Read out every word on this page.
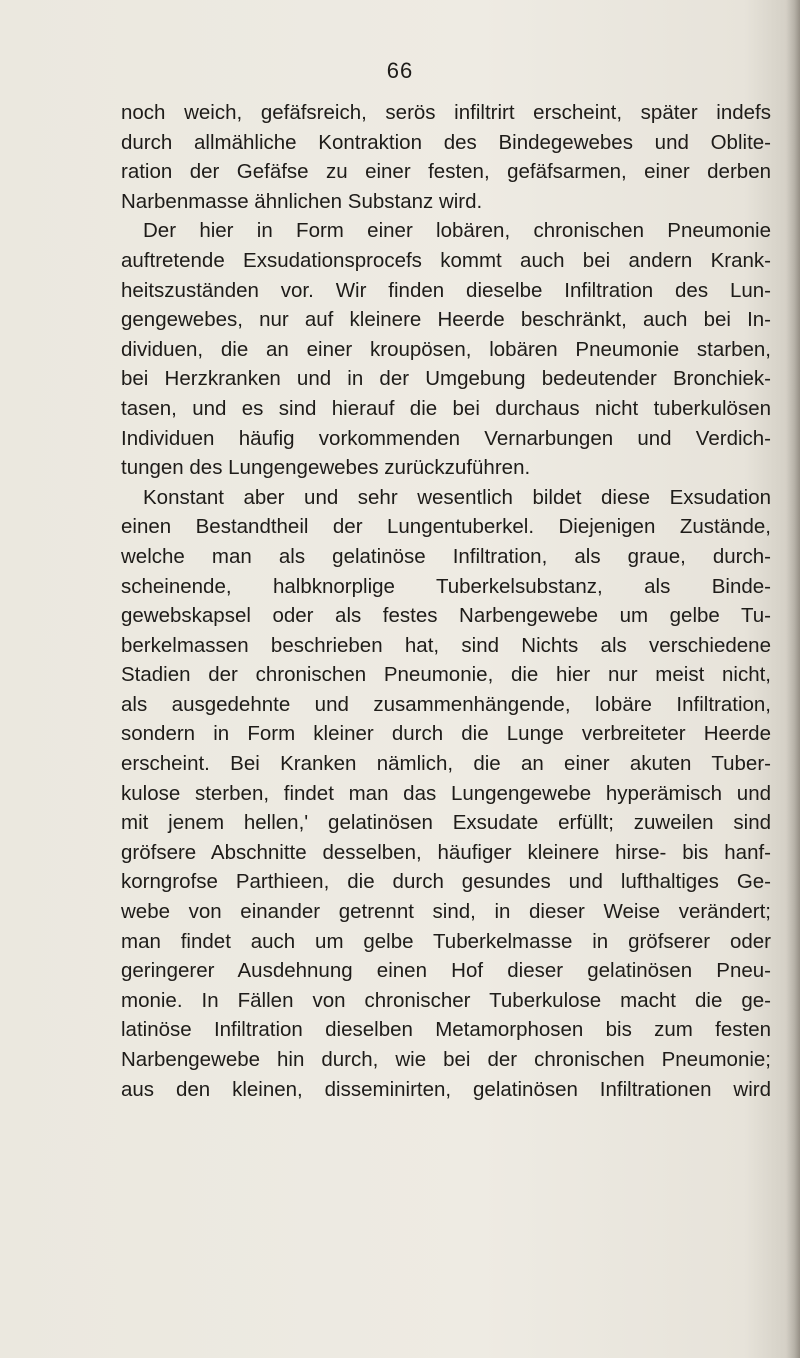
66
noch weich, gefäfsreich, serös infiltrirt erscheint, später indefs
durch allmähliche Kontraktion des Bindegewebes und Oblite-
ration der Gefäfse zu einer festen, gefäfsarmen, einer derben
Narbenmasse ähnlichen Substanz wird.
Der hier in Form einer lobären, chronischen Pneumonie
auftretende Exsudationsprocefs kommt auch bei andern Krank-
heitszuständen vor. Wir finden dieselbe Infiltration des Lun-
gengewebes, nur auf kleinere Heerde beschränkt, auch bei In-
dividuen, die an einer kroupösen, lobären Pneumonie starben,
bei Herzkranken und in der Umgebung bedeutender Bronchiek-
tasen, und es sind hierauf die bei durchaus nicht tuberkulösen
Individuen häufig vorkommenden Vernarbungen und Verdich-
tungen des Lungengewebes zurückzuführen.
Konstant aber und sehr wesentlich bildet diese Exsudation
einen Bestandtheil der Lungentuberkel. Diejenigen Zustände,
welche man als gelatinöse Infiltration, als graue, durch-
scheinende, halbknorplige Tuberkelsubstanz, als Binde-
gewebskapsel oder als festes Narbengewebe um gelbe Tu-
berkelmassen beschrieben hat, sind Nichts als verschiedene
Stadien der chronischen Pneumonie, die hier nur meist nicht,
als ausgedehnte und zusammenhängende, lobäre Infiltration,
sondern in Form kleiner durch die Lunge verbreiteter Heerde
erscheint. Bei Kranken nämlich, die an einer akuten Tuber-
kulose sterben, findet man das Lungengewebe hyperämisch und
mit jenem hellen,' gelatinösen Exsudate erfüllt; zuweilen sind
gröfsere Abschnitte desselben, häufiger kleinere hirse- bis hanf-
korngrofse Parthieen, die durch gesundes und lufthaltiges Ge-
webe von einander getrennt sind, in dieser Weise verändert;
man findet auch um gelbe Tuberkelmasse in gröfserer oder
geringerer Ausdehnung einen Hof dieser gelatinösen Pneu-
monie. In Fällen von chronischer Tuberkulose macht die ge-
latinöse Infiltration dieselben Metamorphosen bis zum festen
Narbengewebe hin durch, wie bei der chronischen Pneumonie;
aus den kleinen, disseminirten, gelatinösen Infiltrationen wird
